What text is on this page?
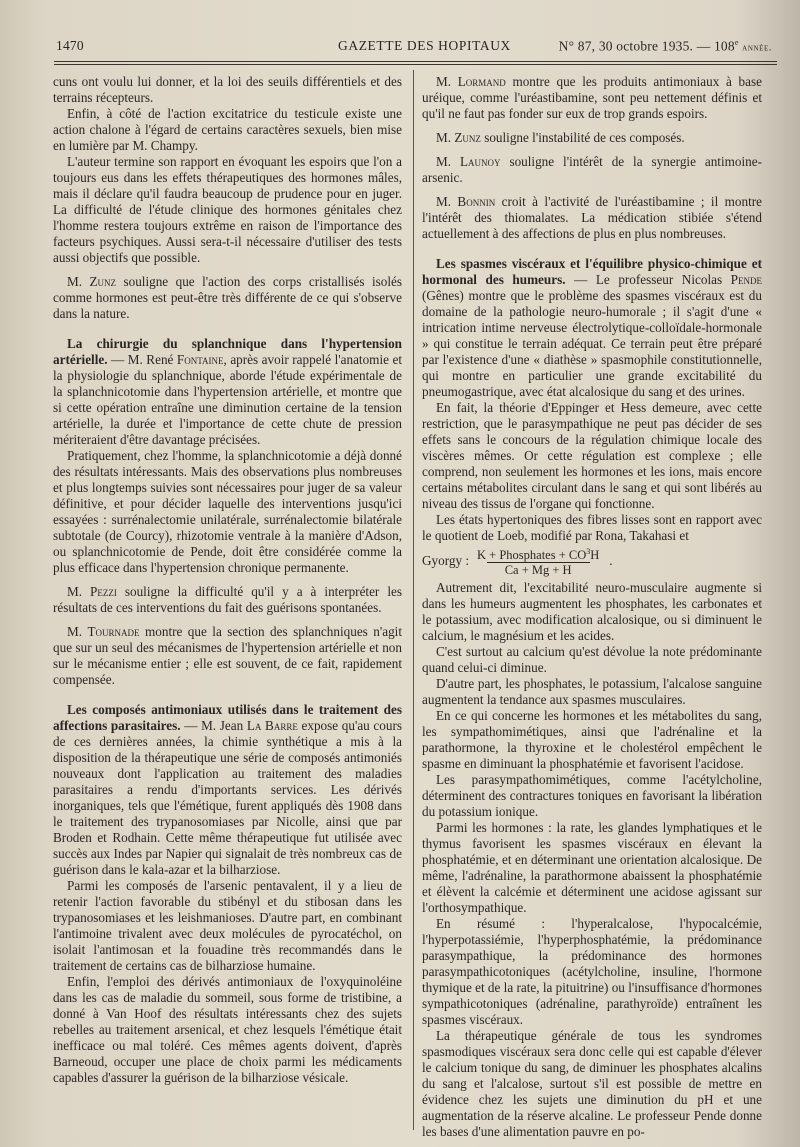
1470	GAZETTE DES HOPITAUX	N° 87, 30 octobre 1935. — 108e année.

cuns ont voulu lui donner, et la loi des seuils différentiels et des terrains récepteurs.

Enfin, à côté de l'action excitatrice du testicule existe une action chalone à l'égard de certains caractères sexuels, bien mise en lumière par M. Champy.

L'auteur termine son rapport en évoquant les espoirs que l'on a toujours eus dans les effets thérapeutiques des hormones mâles, mais il déclare qu'il faudra beaucoup de prudence pour en juger. La difficulté de l'étude clinique des hormones génitales chez l'homme restera toujours extrême en raison de l'importance des facteurs psychiques. Aussi sera-t-il nécessaire d'utiliser des tests aussi objectifs que possible.

M. Zunz souligne que l'action des corps cristallisés isolés comme hormones est peut-être très différente de ce qui s'observe dans la nature.

La chirurgie du splanchnique dans l'hypertension artérielle. — M. René Fontaine, après avoir rappelé l'anatomie et la physiologie du splanchnique, aborde l'étude expérimentale de la splanchnicotomie dans l'hypertension artérielle, et montre que si cette opération entraîne une diminution certaine de la tension artérielle, la durée et l'importance de cette chute de pression mériteraient d'être davantage précisées.

Pratiquement, chez l'homme, la splanchnicotomie a déjà donné des résultats intéressants. Mais des observations plus nombreuses et plus longtemps suivies sont nécessaires pour juger de sa valeur définitive, et pour décider laquelle des interventions jusqu'ici essayées : surrénalectomie unilatérale, surrénalectomie bilatérale subtotale (de Courcy), rhizotomie ventrale à la manière d'Adson, ou splanchnicotomie de Pende, doit être considérée comme la plus efficace dans l'hypertension chronique permanente.

M. Pezzi souligne la difficulté qu'il y a à interpréter les résultats de ces interventions du fait des guérisons spontanées.

M. Tournade montre que la section des splanchniques n'agit que sur un seul des mécanismes de l'hypertension artérielle et non sur le mécanisme entier ; elle est souvent, de ce fait, rapidement compensée.

Les composés antimoniaux utilisés dans le traitement des affections parasitaires. — M. Jean La Barre expose qu'au cours de ces dernières années, la chimie synthétique a mis à la disposition de la thérapeutique une série de composés antimoniés nouveaux dont l'application au traitement des maladies parasitaires a rendu d'importants services. Les dérivés inorganiques, tels que l'émétique, furent appliqués dès 1908 dans le traitement des trypanosomiases par Nicolle, ainsi que par Broden et Rodhain. Cette même thérapeutique fut utilisée avec succès aux Indes par Napier qui signalait de très nombreux cas de guérison dans le kala-azar et la bilharziose.

Parmi les composés de l'arsenic pentavalent, il y a lieu de retenir l'action favorable du stibényl et du stibosan dans les trypanosomiases et les leishmanioses. D'autre part, en combinant l'antimoine trivalent avec deux molécules de pyrocatéchol, on isolait l'antimosan et la fouadine très recommandés dans le traitement de certains cas de bilharziose humaine.

Enfin, l'emploi des dérivés antimoniaux de l'oxyquinoléine dans les cas de maladie du sommeil, sous forme de tristibine, a donné à Van Hoof des résultats intéressants chez des sujets rebelles au traitement arsenical, et chez lesquels l'émétique était inefficace ou mal toléré. Ces mêmes agents doivent, d'après Barneoud, occuper une place de choix parmi les médicaments capables d'assurer la guérison de la bilharziose vésicale.

M. Lormand montre que les produits antimoniaux à base uréique, comme l'uréastibamine, sont peu nettement définis et qu'il ne faut pas fonder sur eux de trop grands espoirs.

M. Zunz souligne l'instabilité de ces composés.

M. Launoy souligne l'intérêt de la synergie antimoine-arsenic.

M. Bonnin croit à l'activité de l'uréastibamine ; il montre l'intérêt des thiomalates. La médication stibiée s'étend actuellement à des affections de plus en plus nombreuses.

Les spasmes viscéraux et l'équilibre physico-chimique et hormonal des humeurs. — Le professeur Nicolas Pende (Gênes) montre que le problème des spasmes viscéraux est du domaine de la pathologie neuro-humorale ; il s'agit d'une « intrication intime nerveuse électrolytique-colloïdale-hormonale » qui constitue le terrain adéquat. Ce terrain peut être préparé par l'existence d'une « diathèse » spasmophile constitutionnelle, qui montre en particulier une grande excitabilité du pneumogastrique, avec état alcalosique du sang et des urines.

En fait, la théorie d'Eppinger et Hess demeure, avec cette restriction, que le parasympathique ne peut pas décider de ses effets sans le concours de la régulation chimique locale des viscères mêmes. Or cette régulation est complexe ; elle comprend, non seulement les hormones et les ions, mais encore certains métabolites circulant dans le sang et qui sont libérés au niveau des tissus de l'organe qui fonctionne.

Les états hypertoniques des fibres lisses sont en rapport avec le quotient de Loeb, modifié par Rona, Takahasi et

Gyorgy : $\frac{K + Phosphates + CO^3H}{Ca + Mg + H}$ .

Autrement dit, l'excitabilité neuro-musculaire augmente si dans les humeurs augmentent les phosphates, les carbonates et le potassium, avec modification alcalosique, ou si diminuent le calcium, le magnésium et les acides.

C'est surtout au calcium qu'est dévolue la note prédominante quand celui-ci diminue.

D'autre part, les phosphates, le potassium, l'alcalose sanguine augmentent la tendance aux spasmes musculaires.

En ce qui concerne les hormones et les métabolites du sang, les sympathomimétiques, ainsi que l'adrénaline et la parathormone, la thyroxine et le cholestérol empêchent le spasme en diminuant la phosphatémie et favorisent l'acidose.

Les parasympathomimétiques, comme l'acétylcholine, déterminent des contractures toniques en favorisant la libération du potassium ionique.

Parmi les hormones : la rate, les glandes lymphatiques et le thymus favorisent les spasmes viscéraux en élevant la phosphatémie, et en déterminant une orientation alcalosique. De même, l'adrénaline, la parathormone abaissent la phosphatémie et élèvent la calcémie et déterminent une acidose agissant sur l'orthosympathique.

En résumé : l'hyperalcalose, l'hypocalcémie, l'hyperpotassiémie, l'hyperphosphatémie, la prédominance parasympathique, la prédominance des hormones parasympathicotoniques (acétylcholine, insuline, l'hormone thymique et de la rate, la pituitrine) ou l'insuffisance d'hormones sympathicotoniques (adrénaline, parathyroïde) entraînent les spasmes viscéraux.

La thérapeutique générale de tous les syndromes spasmodiques viscéraux sera donc celle qui est capable d'élever le calcium tonique du sang, de diminuer les phosphates alcalins du sang et l'alcalose, surtout s'il est possible de mettre en évidence chez les sujets une diminution du pH et une augmentation de la réserve alcaline. Le professeur Pende donne les bases d'une alimentation pauvre en po-
